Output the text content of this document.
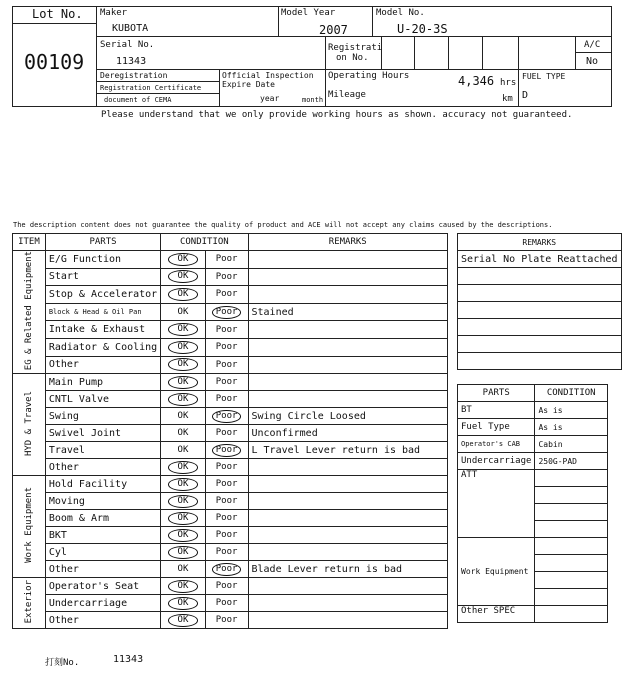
Lot No.
00109
Maker
KUBOTA
Model Year
2007
Model No.
U-20-3S
Serial No.
11343
Registrati
on No.
A/C
No
Deregistration
Registration Certificate
document of CEMA
Official Inspection
Expire Date
year	month
Operating Hours	4,346 hrs
Mileage	km
FUEL TYPE
D
Please understand that we only provide working hours as shown. accuracy not guaranteed.
The description content does not guarantee the quality of product and ACE will not accept any claims caused by the descriptions.
ITEM	PARTS	CONDITION		REMARKS
EG & Related Equipment	E/G Function	OK	Poor	
	Start	OK	Poor	
	Stop & Accelerator	OK	Poor	
	Block & Head & Oil Pan	OK	Poor	Stained
	Intake & Exhaust	OK	Poor	
	Radiator & Cooling	OK	Poor	
	Other	OK	Poor	
HYD & Travel	Main Pump	OK	Poor	
	CNTL Valve	OK	Poor	
	Swing	OK	Poor	Swing Circle Loosed
	Swivel Joint	OK	Poor	Unconfirmed
	Travel	OK	Poor	L Travel Lever return is bad
	Other	OK	Poor	
Work Equipment	Hold Facility	OK	Poor	
	Moving	OK	Poor	
	Boom & Arm	OK	Poor	
	BKT	OK	Poor	
	Cyl	OK	Poor	
	Other	OK	Poor	Blade Lever return is bad
Exterior	Operator's Seat	OK	Poor	
	Undercarriage	OK	Poor	
	Other	OK	Poor	
REMARKS
Serial No Plate Reattached

PARTS	CONDITION
BT	As is
Fuel Type	As is
Operator's CAB	Cabin
Undercarriage	250G-PAD
ATT	

Work Equipment	

Other SPEC	
打刻No.	11343
